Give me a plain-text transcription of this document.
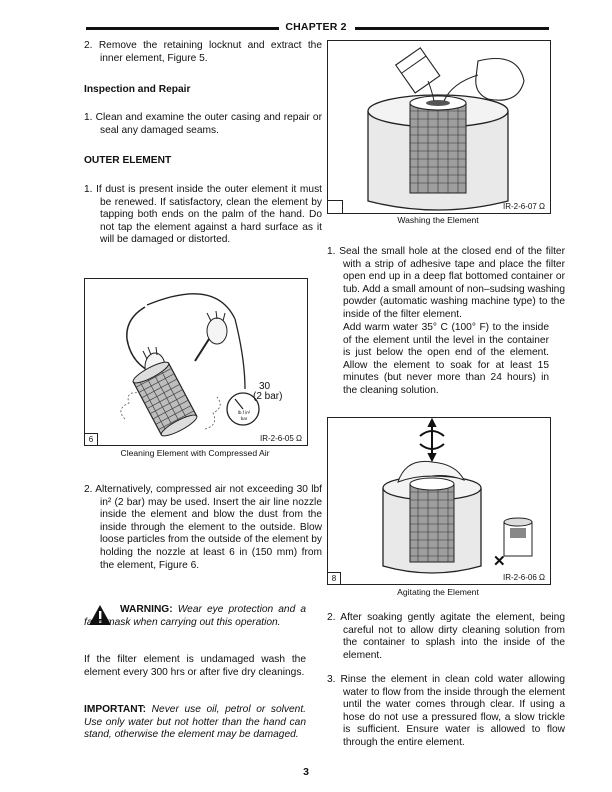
CHAPTER 2
2. Remove the retaining locknut and extract the inner element, Figure 5.
Inspection and Repair
1. Clean and examine the outer casing and repair or seal any damaged seams.
OUTER ELEMENT
1. If dust is present inside the outer element it must be renewed. If satisfactory, clean the element by tapping both ends on the palm of the hand. Do not tap the element against a hard surface as it will be damaged or distorted.
30
(2 bar)
lb.f in²
bar
6	IR-2-6-05 Ω
Cleaning Element with Compressed Air
2. Alternatively, compressed air not exceeding 30 lbf in² (2 bar) may be used. Insert the air line nozzle inside the element and blow the dust from the inside through the element to the outside. Blow loose particles from the outside of the element by holding the nozzle at least 6 in (150 mm) from the element, Figure 6.
WARNING: Wear eye protection and a face mask when carrying out this operation.
If the filter element is undamaged wash the element every 300 hrs or after five dry cleanings.
IMPORTANT: Never use oil, petrol or solvent. Use only water but not hotter than the hand can stand, otherwise the element may be damaged.
IR-2-6-07 Ω
Washing the Element
1. Seal the small hole at the closed end of the filter with a strip of adhesive tape and place the filter open end up in a deep flat bottomed container or tub. Add a small amount of non–sudsing washing powder (automatic washing machine type) to the inside of the filter element.
Add warm water 35° C (100° F) to the inside of the element until the level in the container is just below the open end of the element. Allow the element to soak for at least 15 minutes (but never more than 24 hours) in the cleaning solution.
✕
8	IR-2-6-06 Ω
Agitating the Element
2. After soaking gently agitate the element, being careful not to allow dirty cleaning solution from the container to splash into the inside of the element.
3. Rinse the element in clean cold water allowing water to flow from the inside through the element until the water comes through clear. If using a hose do not use a pressured flow, a slow trickle is sufficient. Ensure water is allowed to flow through the entire element.
3
